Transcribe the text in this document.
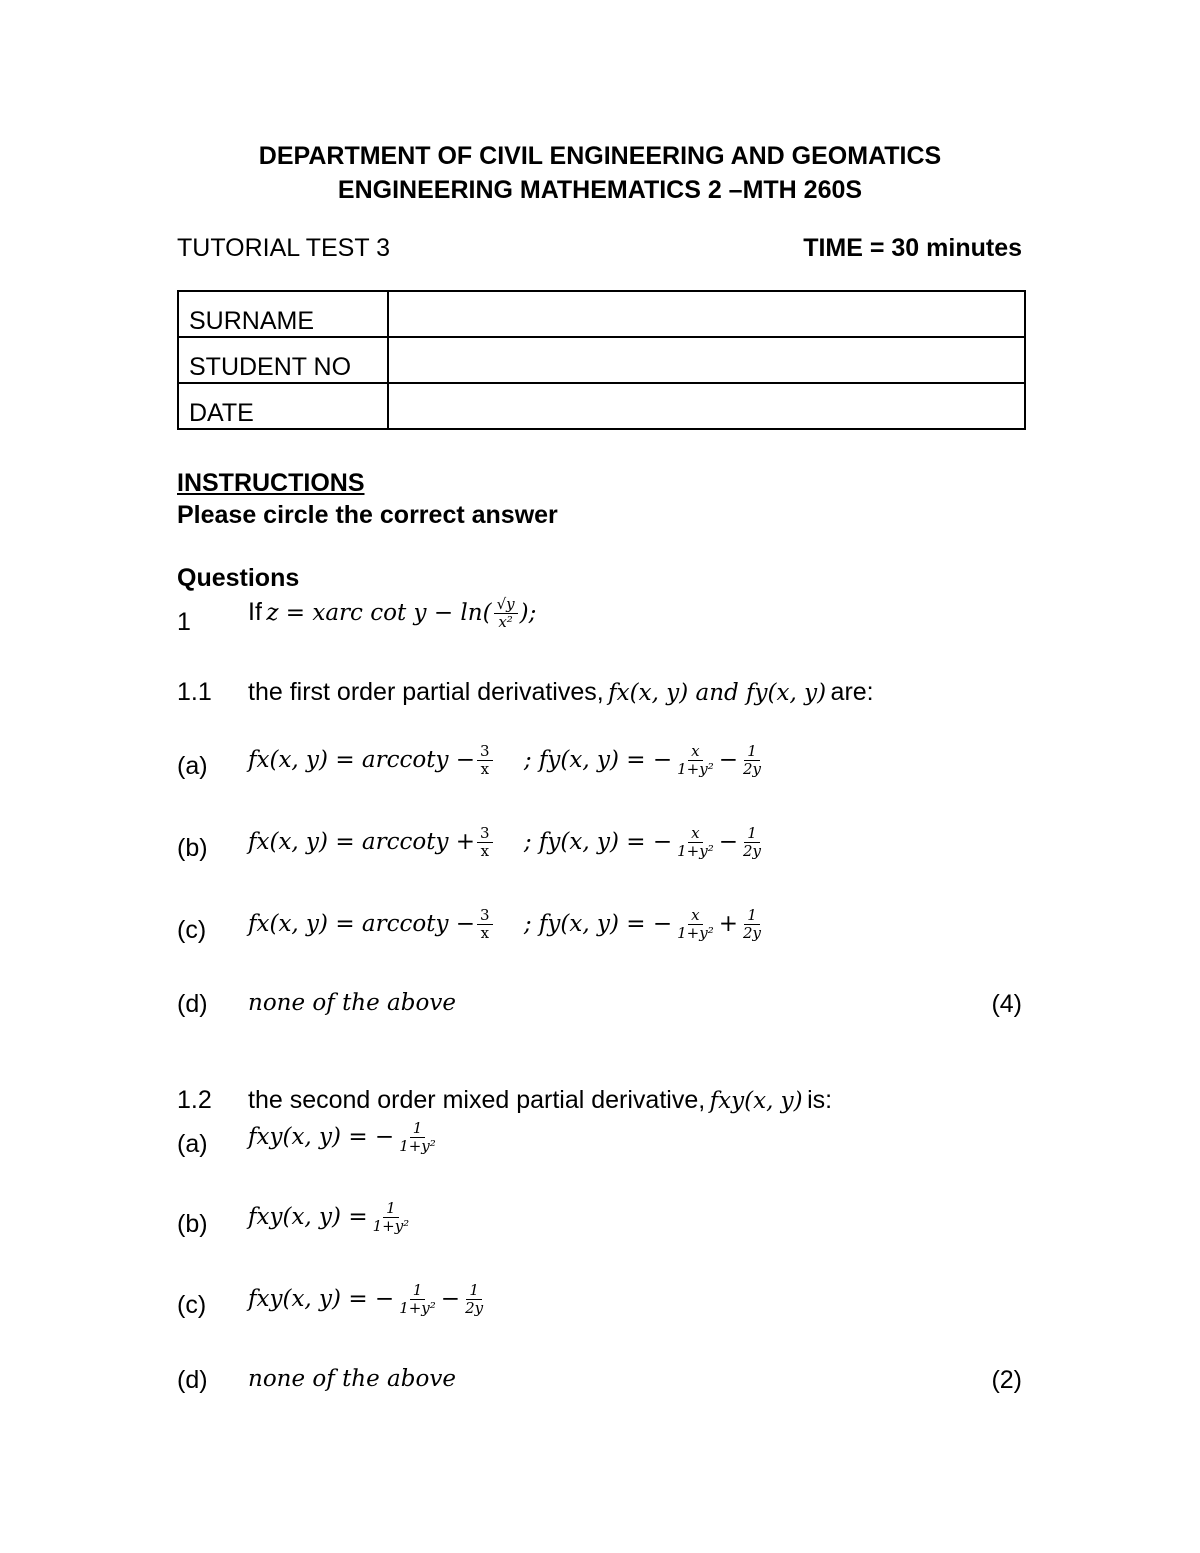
DEPARTMENT OF CIVIL ENGINEERING AND GEOMATICS
ENGINEERING MATHEMATICS 2 –MTH 260S
TUTORIAL TEST 3	TIME = 30 minutes
SURNAME	
STUDENT NO	
DATE	
INSTRUCTIONS
Please circle the correct answer
Questions
1 If z = xarc $\cot y - \ln( \frac{√y}{\text{x²}}$ );
1.1 the first order partial derivatives, fx(x, y) and fy(x, y) are:
(a) fx(x, $y) = arccoty - \frac{3}{x}$ ; fy(x, y) = − $\frac{x}{\text{1+y²}} - \frac{1}{2y}$
(b) fx(x, $y) = arccoty + \frac{3}{x}$ ; fy(x, y) = − $\frac{x}{\text{1+y²}} - \frac{1}{2y}$
(c) fx(x, $y) = arccoty - \frac{3}{x}$ ; fy(x, y) = − $\frac{x}{\text{1+y²}} + \frac{1}{2y}$
(d) none of the above	(4)
1.2 the second order mixed partial derivative, fxy(x, y) is:
(a) fxy(x, y) = − $\frac{1}{\text{1+y²}}$
(b) fxy(x, $y) = \frac{1}{\text{1+y²}}$
(c) fxy(x, y) = − $\frac{1}{\text{1+y²}} - \frac{1}{2y}$
(d) none of the above	(2)
